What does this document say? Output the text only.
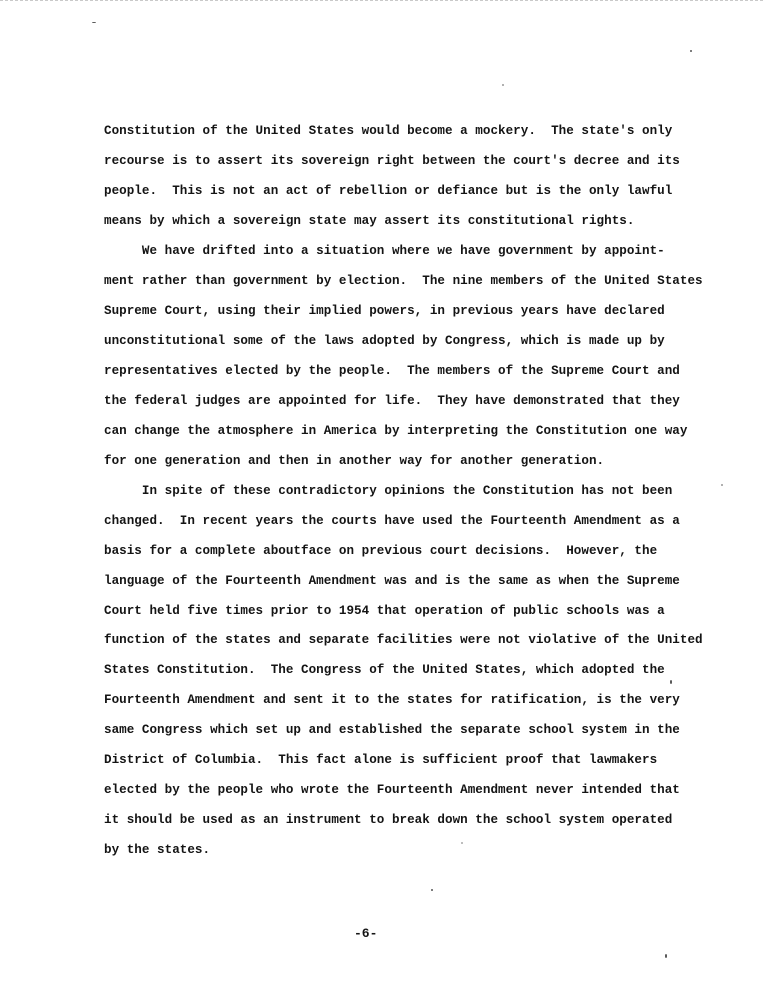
Constitution of the United States would become a mockery.  The state's only
recourse is to assert its sovereign right between the court's decree and its
people.  This is not an act of rebellion or defiance but is the only lawful
means by which a sovereign state may assert its constitutional rights.
We have drifted into a situation where we have government by appoint-
ment rather than government by election.  The nine members of the United States
Supreme Court, using their implied powers, in previous years have declared
unconstitutional some of the laws adopted by Congress, which is made up by
representatives elected by the people.  The members of the Supreme Court and
the federal judges are appointed for life.  They have demonstrated that they
can change the atmosphere in America by interpreting the Constitution one way
for one generation and then in another way for another generation.
In spite of these contradictory opinions the Constitution has not been
changed.  In recent years the courts have used the Fourteenth Amendment as a
basis for a complete aboutface on previous court decisions.  However, the
language of the Fourteenth Amendment was and is the same as when the Supreme
Court held five times prior to 1954 that operation of public schools was a
function of the states and separate facilities were not violative of the United
States Constitution.  The Congress of the United States, which adopted the
Fourteenth Amendment and sent it to the states for ratification, is the very
same Congress which set up and established the separate school system in the
District of Columbia.  This fact alone is sufficient proof that lawmakers
elected by the people who wrote the Fourteenth Amendment never intended that
it should be used as an instrument to break down the school system operated
by the states.
-6-
